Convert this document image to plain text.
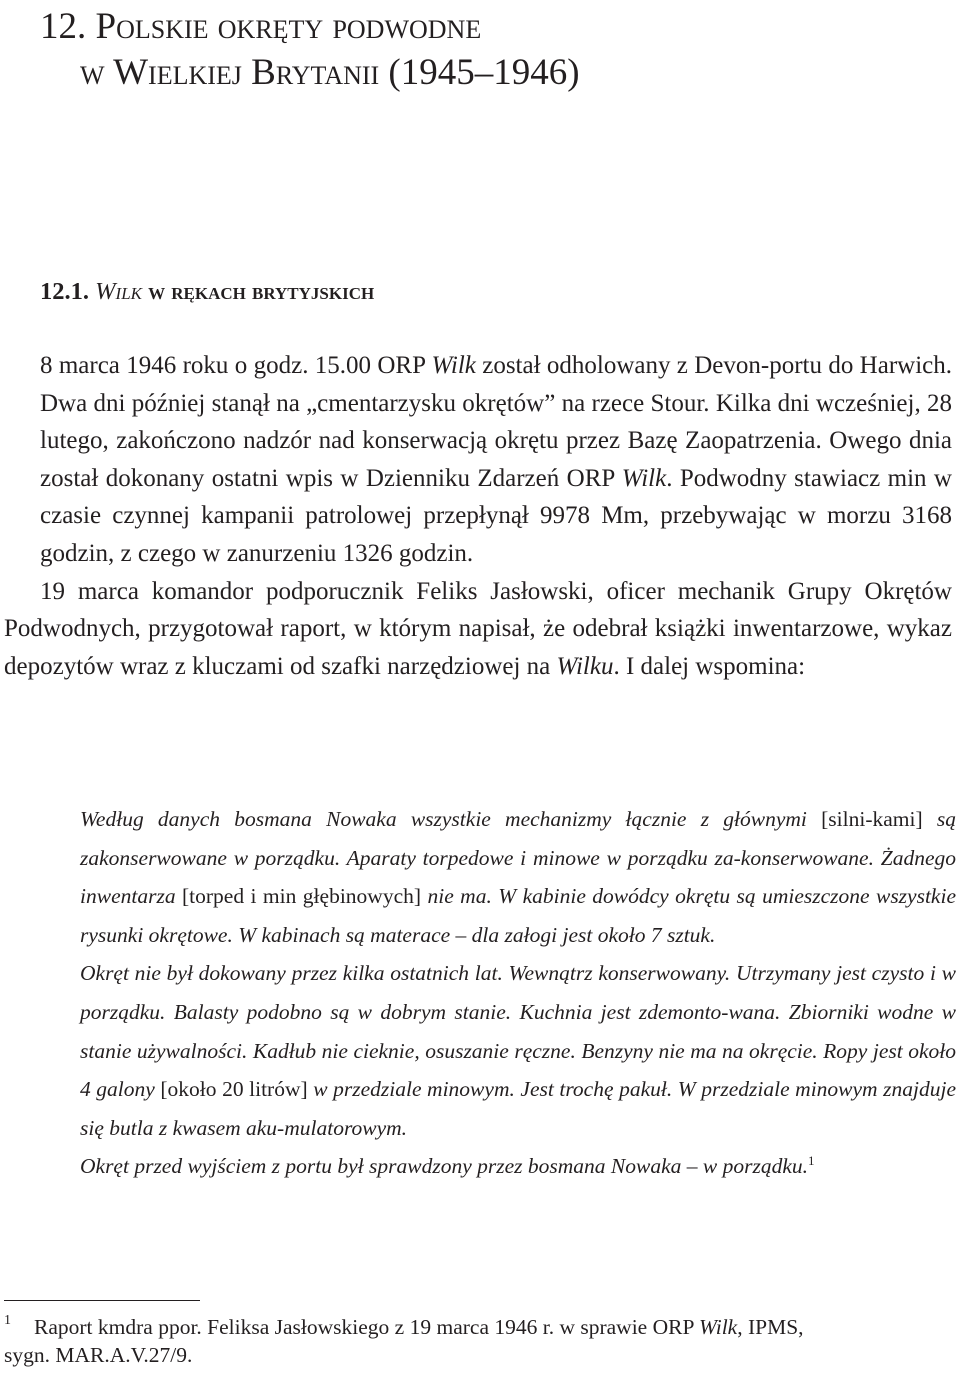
12. Polskie okręty podwodne
w Wielkiej Brytanii (1945–1946)
12.1. Wilk w rękach brytyjskich

8 marca 1946 roku o godz. 15.00 ORP Wilk został odholowany z Devon-portu do Harwich. Dwa dni później stanął na „cmentarzysku okrętów” na rzece Stour. Kilka dni wcześniej, 28 lutego, zakończono nadzór nad konserwacją okrętu przez Bazę Zaopatrzenia. Owego dnia został dokonany ostatni wpis w Dzienniku Zdarzeń ORP Wilk. Podwodny stawiacz min w czasie czynnej kampanii patrolowej przepłynął 9978 Mm, przebywając w morzu 3168 godzin, z czego w zanurzeniu 1326 godzin.

19 marca komandor podporucznik Feliks Jasłowski, oficer mechanik Grupy Okrętów Podwodnych, przygotował raport, w którym napisał, że odebrał książki inwentarzowe, wykaz depozytów wraz z kluczami od szafki narzędziowej na Wilku. I dalej wspomina:

Według danych bosmana Nowaka wszystkie mechanizmy łącznie z głównymi [silni-kami] są zakonserwowane w porządku. Aparaty torpedowe i minowe w porządku za-konserwowane. Żadnego inwentarza [torped i min głębinowych] nie ma. W kabinie dowódcy okrętu są umieszczone wszystkie rysunki okrętowe. W kabinach są materace – dla załogi jest około 7 sztuk.

Okręt nie był dokowany przez kilka ostatnich lat. Wewnątrz konserwowany. Utrzymany jest czysto i w porządku. Balasty podobno są w dobrym stanie. Kuchnia jest zdemonto-wana. Zbiorniki wodne w stanie używalności. Kadłub nie cieknie, osuszanie ręczne. Benzyny nie ma na okręcie. Ropy jest około 4 galony [około 20 litrów] w przedziale minowym. Jest trochę pakuł. W przedziale minowym znajduje się butla z kwasem aku-mulatorowym.

Okręt przed wyjściem z portu był sprawdzony przez bosmana Nowaka – w porządku.$^1$

1	Raport kmdra ppor. Feliksa Jasłowskiego z 19 marca 1946 r. w sprawie ORP Wilk, IPMS,
sygn. MAR.A.V.27/9.
